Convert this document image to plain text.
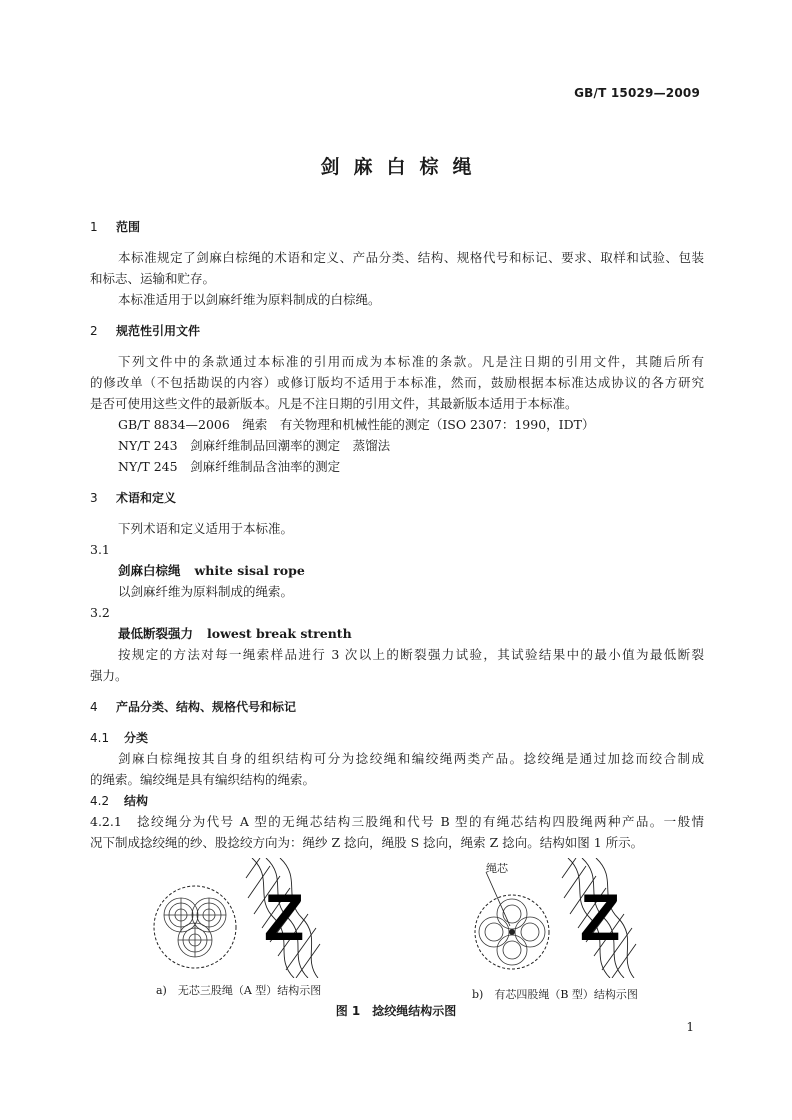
GB/T 15029—2009
剑麻白棕绳
1 范围
本标准规定了剑麻白棕绳的术语和定义、产品分类、结构、规格代号和标记、要求、取样和试验、包装
和标志、运输和贮存。
本标准适用于以剑麻纤维为原料制成的白棕绳。
2 规范性引用文件
下列文件中的条款通过本标准的引用而成为本标准的条款。凡是注日期的引用文件，其随后所有
的修改单（不包括勘误的内容）或修订版均不适用于本标准，然而，鼓励根据本标准达成协议的各方研究
是否可使用这些文件的最新版本。凡是不注日期的引用文件，其最新版本适用于本标准。
GB/T 8834—2006　绳索　有关物理和机械性能的测定（ISO 2307：1990，IDT）
NY/T 243　剑麻纤维制品回潮率的测定　蒸馏法
NY/T 245　剑麻纤维制品含油率的测定
3 术语和定义
下列术语和定义适用于本标准。
3.1
剑麻白棕绳 white sisal rope
以剑麻纤维为原料制成的绳索。
3.2
最低断裂强力 lowest break strenth
按规定的方法对每一绳索样品进行 3 次以上的断裂强力试验，其试验结果中的最小值为最低断裂
强力。
4 产品分类、结构、规格代号和标记
4.1 分类
剑麻白棕绳按其自身的组织结构可分为捻绞绳和编绞绳两类产品。捻绞绳是通过加捻而绞合制成
的绳索。编绞绳是具有编织结构的绳索。
4.2 结构
4.2.1　 捻绞绳分为代号 A 型的无绳芯结构三股绳和代号 B 型的有绳芯结构四股绳两种产品。一般情
况下制成捻绞绳的纱、股捻绞方向为：绳纱 Z 捻向，绳股 S 捻向，绳索 Z 捻向。结构如图 1 所示。
Z
绳芯
Z
a)　无芯三股绳（A 型）结构示图	b)　有芯四股绳（B 型）结构示图
图 1　捻绞绳结构示图
1
